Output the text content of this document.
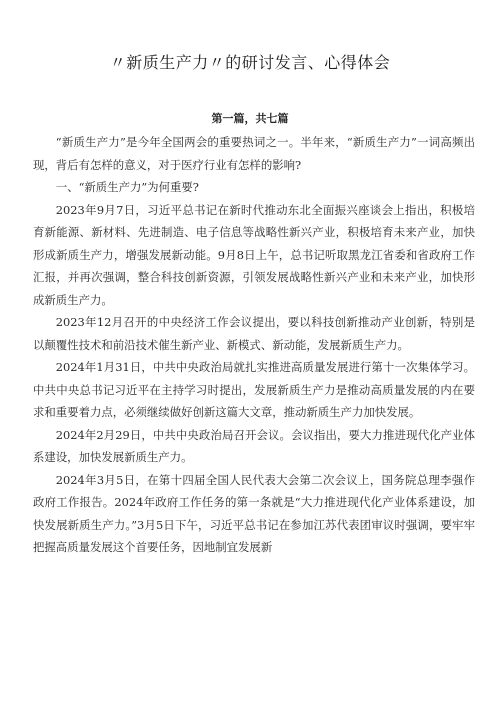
〃新质生产力〃的研讨发言、心得体会
第一篇，共七篇

“新质生产力”是今年全国两会的重要热词之一。半年来，“新质生产力”一词高频出现，背后有怎样的意义，对于医疗行业有怎样的影响?

一、“新质生产力”为何重要?

2023年9月7日，习近平总书记在新时代推动东北全面振兴座谈会上指出，积极培育新能源、新材料、先进制造、电子信息等战略性新兴产业，积极培育未来产业，加快形成新质生产力，增强发展新动能。9月8日上午，总书记听取黑龙江省委和省政府工作汇报，并再次强调，整合科技创新资源，引领发展战略性新兴产业和未来产业，加快形成新质生产力。

2023年12月召开的中央经济工作会议提出，要以科技创新推动产业创新，特别是以颠覆性技术和前沿技术催生新产业、新模式、新动能，发展新质生产力。

2024年1月31日，中共中央政治局就扎实推进高质量发展进行第十一次集体学习。中共中央总书记习近平在主持学习时提出，发展新质生产力是推动高质量发展的内在要求和重要着力点，必须继续做好创新这篇大文章，推动新质生产力加快发展。

2024年2月29日，中共中央政治局召开会议。会议指出，要大力推进现代化产业体系建设，加快发展新质生产力。

2024年3月5日，在第十四届全国人民代表大会第二次会议上，国务院总理李强作政府工作报告。2024年政府工作任务的第一条就是“大力推进现代化产业体系建设，加快发展新质生产力。”3月5日下午，习近平总书记在参加江苏代表团审议时强调，要牢牢把握高质量发展这个首要任务，因地制宜发展新
